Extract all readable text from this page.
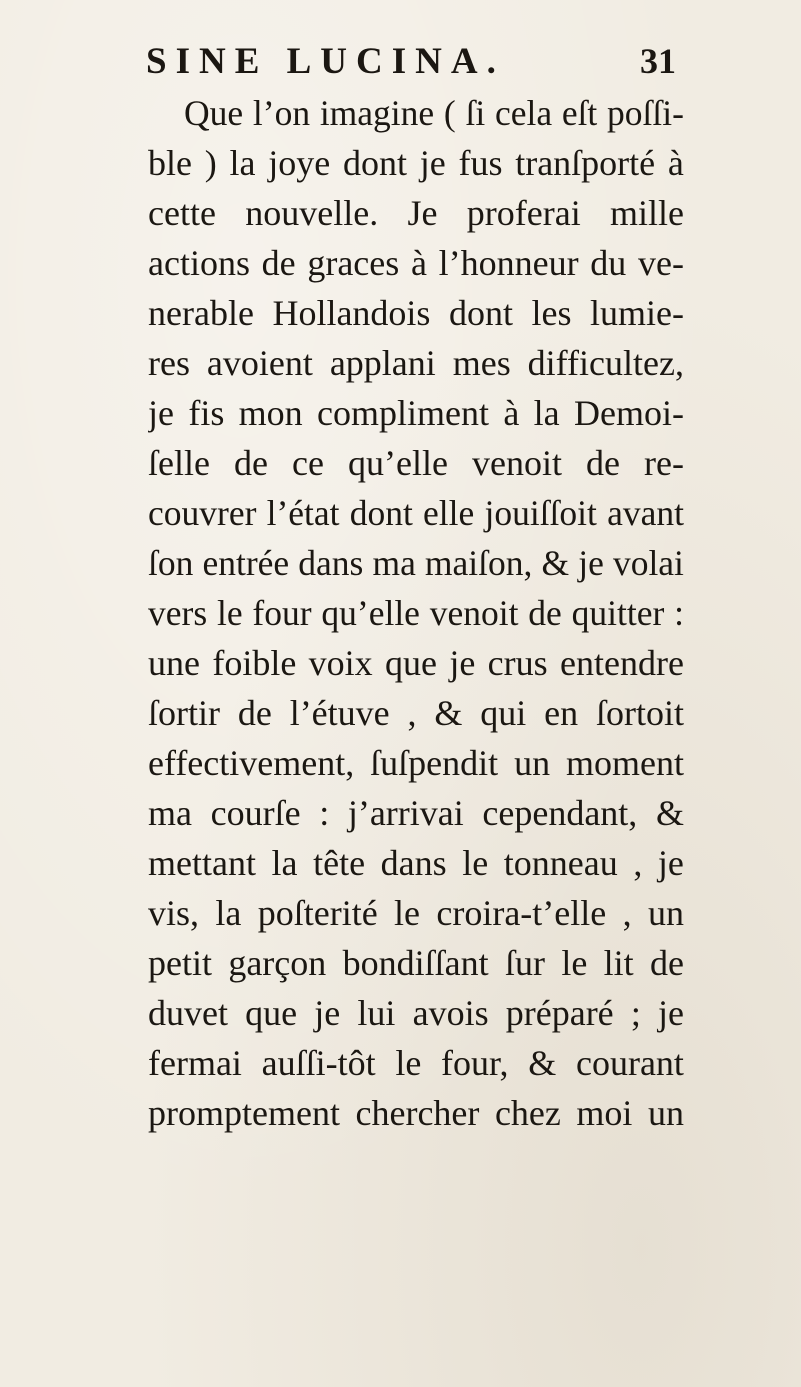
SINE LUCINA.	31
Que l’on imagine ( ſi cela eſt poſſi-
ble ) la joye dont je fus tranſporté à
cette nouvelle. Je proferai mille
actions de graces à l’honneur du ve-
nerable Hollandois dont les lumie-
res avoient applani mes difficultez,
je fis mon compliment à la Demoi-
ſelle de ce qu’elle venoit de re-
couvrer l’état dont elle jouiſſoit avant
ſon entrée dans ma maiſon, & je volai
vers le four qu’elle venoit de quitter :
une foible voix que je crus entendre
ſortir de l’étuve , & qui en ſortoit
effectivement, ſuſpendit un moment
ma courſe : j’arrivai cependant, &
mettant la tête dans le tonneau , je
vis, la poſterité le croira-t’elle , un
petit garçon bondiſſant ſur le lit de
duvet que je lui avois préparé ; je
fermai auſſi-tôt le four, & courant
promptement chercher chez moi un
